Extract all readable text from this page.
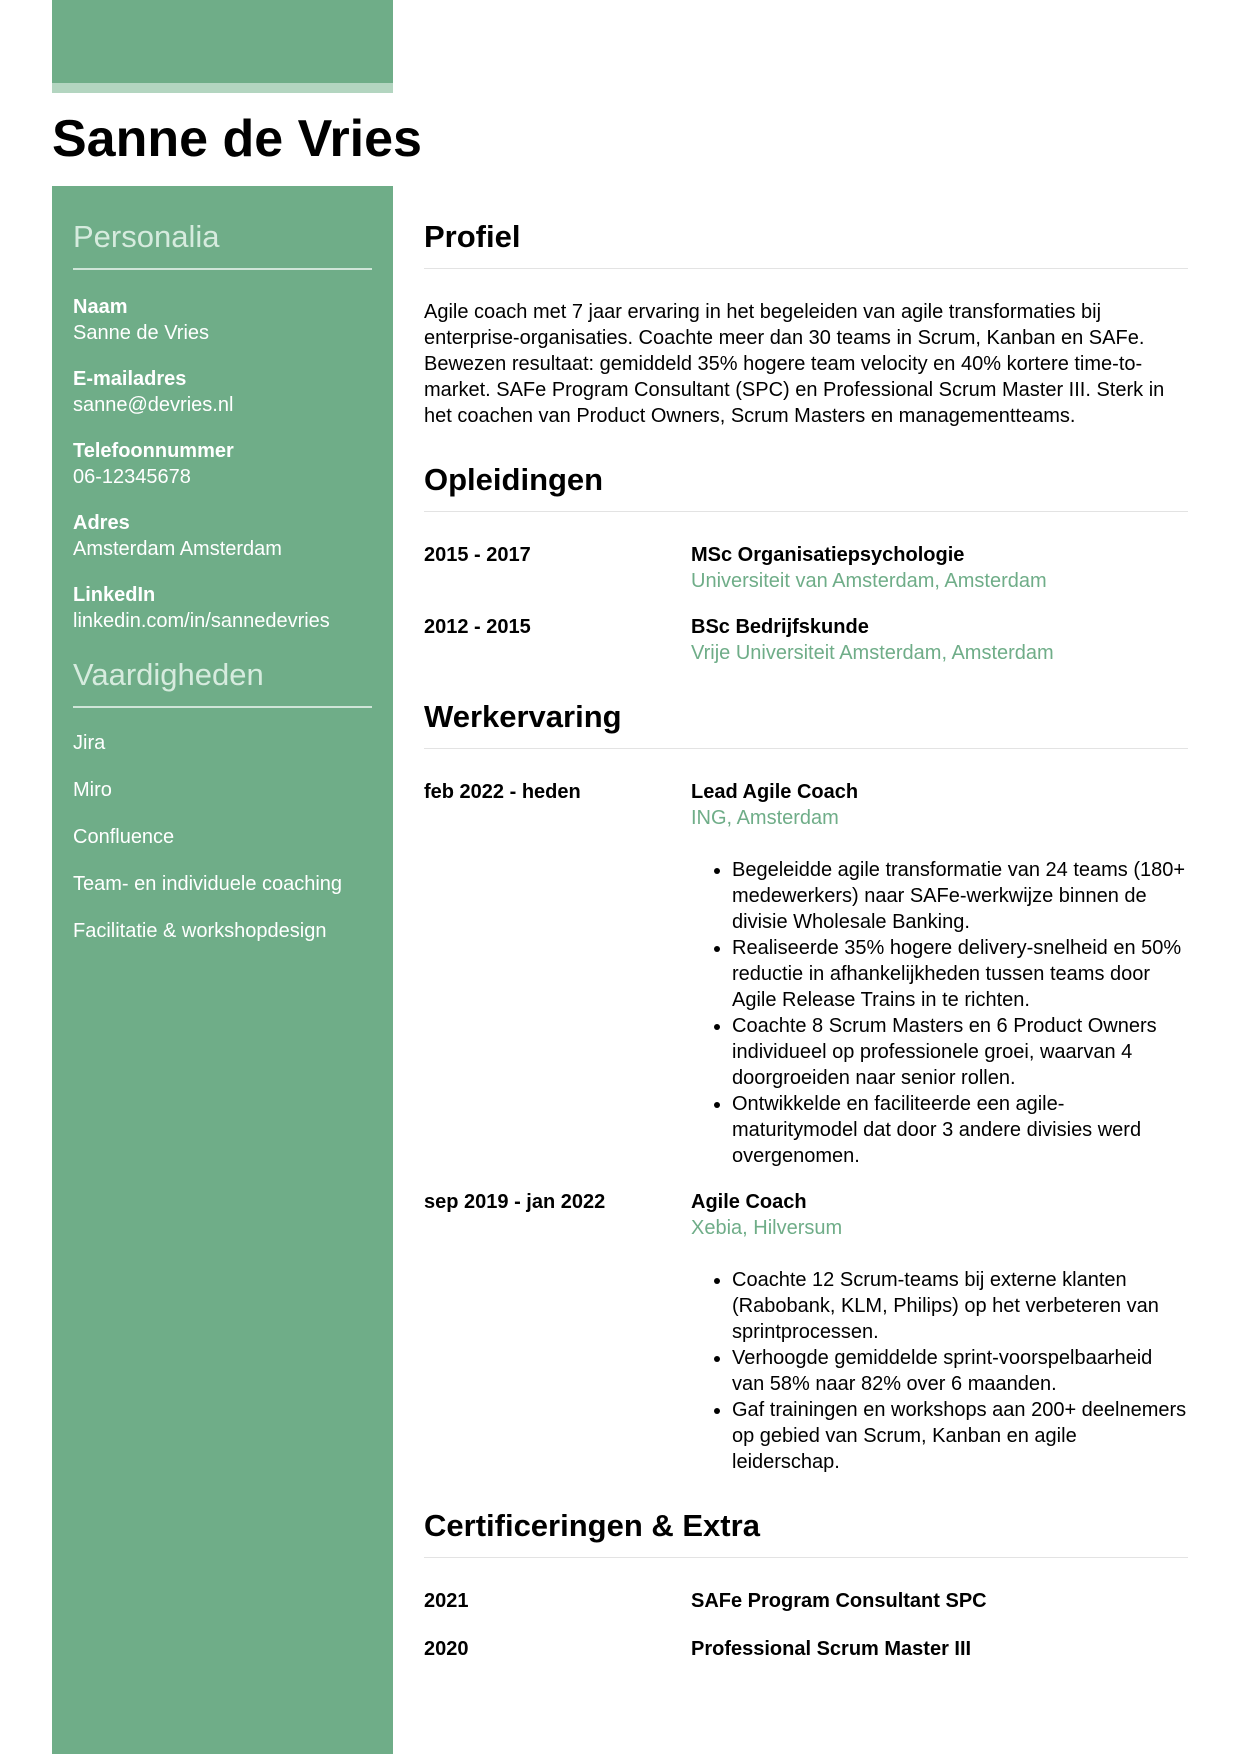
Sanne de Vries
Personalia
Naam
Sanne de Vries
E-mailadres
sanne@devries.nl
Telefoonnummer
06-12345678
Adres
Amsterdam Amsterdam
LinkedIn
linkedin.com/in/sannedevries
Vaardigheden
Jira
Miro
Confluence
Team- en individuele coaching
Facilitatie & workshopdesign
Profiel

Agile coach met 7 jaar ervaring in het begeleiden van agile transformaties bij enterprise-organisaties. Coachte meer dan 30 teams in Scrum, Kanban en SAFe. Bewezen resultaat: gemiddeld 35% hogere team velocity en 40% kortere time-to-market. SAFe Program Consultant (SPC) en Professional Scrum Master III. Sterk in het coachen van Product Owners, Scrum Masters en managementteams.

Opleidingen
2015 - 2017	MSc Organisatiepsychologie
Universiteit van Amsterdam, Amsterdam
2012 - 2015	BSc Bedrijfskunde
Vrije Universiteit Amsterdam, Amsterdam
Werkervaring
feb 2022 - heden	Lead Agile Coach
ING, Amsterdam
• Begeleidde agile transformatie van 24 teams (180+ medewerkers) naar SAFe-werkwijze binnen de divisie Wholesale Banking.
• Realiseerde 35% hogere delivery-snelheid en 50% reductie in afhankelijkheden tussen teams door Agile Release Trains in te richten.
• Coachte 8 Scrum Masters en 6 Product Owners individueel op professionele groei, waarvan 4 doorgroeiden naar senior rollen.
• Ontwikkelde en faciliteerde een agile-maturitymodel dat door 3 andere divisies werd overgenomen.
sep 2019 - jan 2022	Agile Coach
Xebia, Hilversum
• Coachte 12 Scrum-teams bij externe klanten (Rabobank, KLM, Philips) op het verbeteren van sprintprocessen.
• Verhoogde gemiddelde sprint-voorspelbaarheid van 58% naar 82% over 6 maanden.
• Gaf trainingen en workshops aan 200+ deelnemers op gebied van Scrum, Kanban en agile leiderschap.
Certificeringen & Extra
2021	SAFe Program Consultant SPC
2020	Professional Scrum Master III
